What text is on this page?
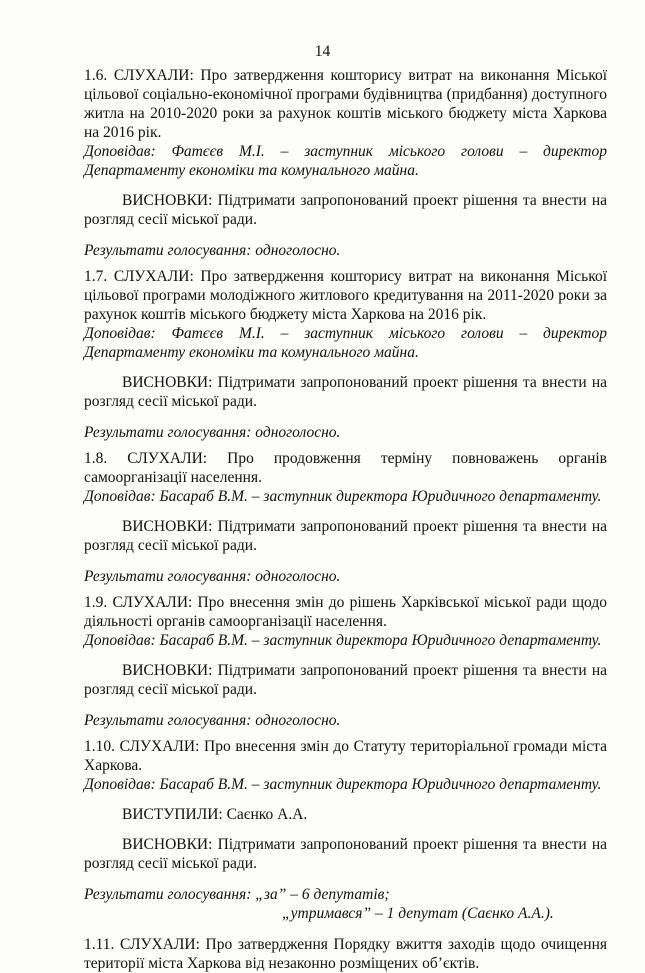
14

1.6. СЛУХАЛИ: Про затвердження кошторису витрат на виконання Міської цільової соціально-економічної програми будівництва (придбання) доступного житла на 2010-2020 роки за рахунок коштів міського бюджету міста Харкова на 2016 рік.

Доповідав: Фатєєв М.І. – заступник міського голови – директор Департаменту економіки та комунального майна.

ВИСНОВКИ: Підтримати запропонований проект рішення та внести на розгляд сесії міської ради.

Результати голосування: одноголосно.

1.7. СЛУХАЛИ: Про затвердження кошторису витрат на виконання Міської цільової програми молодіжного житлового кредитування на 2011-2020 роки за рахунок коштів міського бюджету міста Харкова на 2016 рік.

Доповідав: Фатєєв М.І. – заступник міського голови – директор Департаменту економіки та комунального майна.

ВИСНОВКИ: Підтримати запропонований проект рішення та внести на розгляд сесії міської ради.

Результати голосування: одноголосно.

1.8. СЛУХАЛИ: Про продовження терміну повноважень органів самоорганізації населення.

Доповідав: Басараб В.М. – заступник директора Юридичного департаменту.

ВИСНОВКИ: Підтримати запропонований проект рішення та внести на розгляд сесії міської ради.

Результати голосування: одноголосно.

1.9. СЛУХАЛИ: Про внесення змін до рішень Харківської міської ради щодо діяльності органів самоорганізації населення.

Доповідав: Басараб В.М. – заступник директора Юридичного департаменту.

ВИСНОВКИ: Підтримати запропонований проект рішення та внести на розгляд сесії міської ради.

Результати голосування: одноголосно.

1.10. СЛУХАЛИ: Про внесення змін до Статуту територіальної громади міста Харкова.

Доповідав: Басараб В.М. – заступник директора Юридичного департаменту.

ВИСТУПИЛИ: Саєнко А.А.

ВИСНОВКИ: Підтримати запропонований проект рішення та внести на розгляд сесії міської ради.

Результати голосування: „за” – 6 депутатів;

„утримався” – 1 депутат (Саєнко А.А.).

1.11. СЛУХАЛИ: Про затвердження Порядку вжиття заходів щодо очищення території міста Харкова від незаконно розміщених об’єктів.
